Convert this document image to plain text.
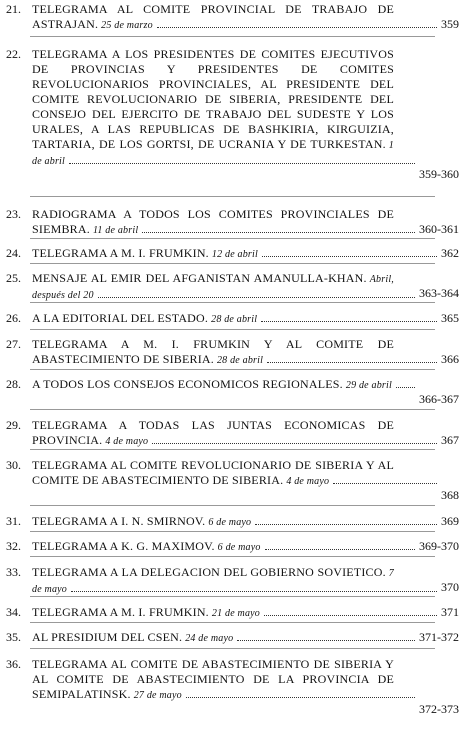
21. TELEGRAMA AL COMITE PROVINCIAL DE TRABAJO DE ASTRAJAN. 25 de marzo	359
22. TELEGRAMA A LOS PRESIDENTES DE COMITES EJECUTIVOS DE PROVINCIAS Y PRESIDENTES DE COMITES REVOLUCIONARIOS PROVINCIALES, AL PRESIDENTE DEL COMITE REVOLUCIONARIO DE SIBERIA, PRESIDENTE DEL CONSEJO DEL EJERCITO DE TRABAJO DEL SUDESTE Y LOS URALES, A LAS REPUBLICAS DE BASHKIRIA, KIRGUIZIA, TARTARIA, DE LOS GORTSI, DE UCRANIA Y DE TURKESTAN. 1 de abril
359-360
23. RADIOGRAMA A TODOS LOS COMITES PROVINCIALES DE SIEMBRA. 11 de abril	360-361
24. TELEGRAMA A M. I. FRUMKIN. 12 de abril	362
25. MENSAJE AL EMIR DEL AFGANISTAN AMANULLA-KHAN. Abril, después del 20	363-364
26. A LA EDITORIAL DEL ESTADO. 28 de abril	365
27. TELEGRAMA A M. I. FRUMKIN Y AL COMITE DE ABASTECIMIENTO DE SIBERIA. 28 de abril	366
28. A TODOS LOS CONSEJOS ECONOMICOS REGIONALES. 29 de abril
366-367
29. TELEGRAMA A TODAS LAS JUNTAS ECONOMICAS DE PROVINCIA. 4 de mayo	367
30. TELEGRAMA AL COMITE REVOLUCIONARIO DE SIBERIA Y AL COMITE DE ABASTECIMIENTO DE SIBERIA. 4 de mayo
368
31. TELEGRAMA A I. N. SMIRNOV. 6 de mayo	369
32. TELEGRAMA A K. G. MAXIMOV. 6 de mayo	369-370
33. TELEGRAMA A LA DELEGACION DEL GOBIERNO SOVIETICO. 7 de mayo	370
34. TELEGRAMA A M. I. FRUMKIN. 21 de mayo	371
35. AL PRESIDIUM DEL CSEN. 24 de mayo	371-372
36. TELEGRAMA AL COMITE DE ABASTECIMIENTO DE SIBERIA Y AL COMITE DE ABASTECIMIENTO DE LA PROVINCIA DE SEMIPALATINSK. 27 de mayo
372-373
